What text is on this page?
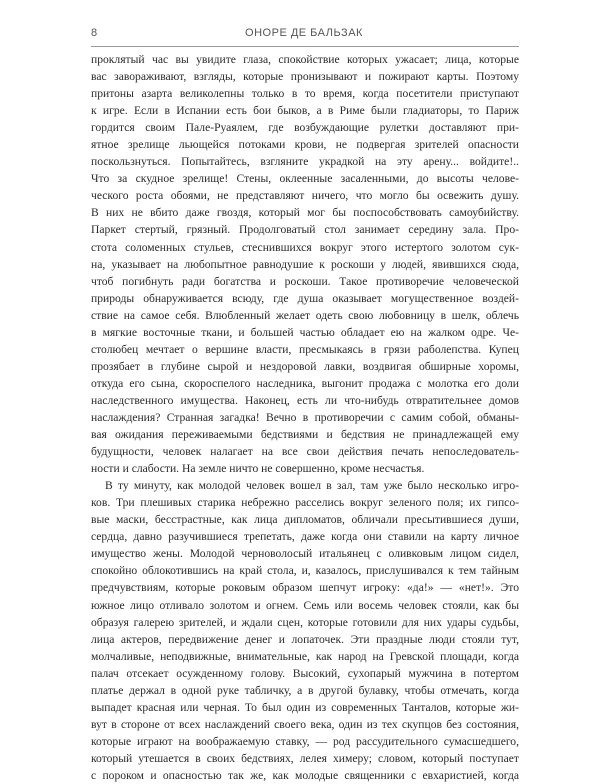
8	ОНОРЕ ДЕ БАЛЬЗАК
проклятый час вы увидите глаза, спокойствие которых ужасает; лица, которые
вас завораживают, взгляды, которые пронизывают и пожирают карты. Поэтому
притоны азарта великолепны только в то время, когда посетители приступают
к игре. Если в Испании есть бои быков, а в Риме были гладиаторы, то Париж
гордится своим Пале-Руаялем, где возбуждающие рулетки доставляют при-
ятное зрелище льющейся потоками крови, не подвергая зрителей опасности
поскользнуться. Попытайтесь, взгляните украдкой на эту арену... войдите!..
Что за скудное зрелище! Стены, оклеенные засаленными, до высоты челове-
ческого роста обоями, не представляют ничего, что могло бы освежить душу.
В них не вбито даже гвоздя, который мог бы поспособствовать самоубийству.
Паркет стертый, грязный. Продолговатый стол занимает середину зала. Про-
стота соломенных стульев, стеснившихся вокруг этого истертого золотом сук-
на, указывает на любопытное равнодушие к роскоши у людей, явившихся сюда,
чтоб погибнуть ради богатства и роскоши. Такое противоречие человеческой
природы обнаруживается всюду, где душа оказывает могущественное воздей-
ствие на самое себя. Влюбленный желает одеть свою любовницу в шелк, облечь
в мягкие восточные ткани, и большей частью обладает ею на жалком одре. Че-
столюбец мечтает о вершине власти, пресмыкаясь в грязи раболепства. Купец
прозябает в глубине сырой и нездоровой лавки, воздвигая обширные хоромы,
откуда его сына, скороспелого наследника, выгонит продажа с молотка его доли
наследственного имущества. Наконец, есть ли что-нибудь отвратительнее домов
наслаждения? Странная загадка! Вечно в противоречии с самим собой, обманы-
вая ожидания переживаемыми бедствиями и бедствия не принадлежащей ему
будущности, человек налагает на все свои действия печать непоследователь-
ности и слабости. На земле ничто не совершенно, кроме несчастья.
В ту минуту, как молодой человек вошел в зал, там уже было несколько игро-
ков. Три плешивых старика небрежно расселись вокруг зеленого поля; их гипсо-
вые маски, бесстрастные, как лица дипломатов, обличали пресытившиеся души,
сердца, давно разучившиеся трепетать, даже когда они ставили на карту личное
имущество жены. Молодой черноволосый итальянец с оливковым лицом сидел,
спокойно облокотившись на край стола, и, казалось, прислушивался к тем тайным
предчувствиям, которые роковым образом шепчут игроку: «да!» — «нет!». Это
южное лицо отливало золотом и огнем. Семь или восемь человек стояли, как бы
образуя галерею зрителей, и ждали сцен, которые готовили для них удары судьбы,
лица актеров, передвижение денег и лопаточек. Эти праздные люди стояли тут,
молчаливые, неподвижные, внимательные, как народ на Гревской площади, когда
палач отсекает осужденному голову. Высокий, сухопарый мужчина в потертом
платье держал в одной руке табличку, а в другой булавку, чтобы отмечать, когда
выпадет красная или черная. То был один из современных Танталов, которые жи-
вут в стороне от всех наслаждений своего века, один из тех скупцов без состояния,
которые играют на воображаемую ставку, — род рассудительного сумасшедшего,
который утешается в своих бедствиях, лелея химеру; словом, который поступает
с пороком и опасностью так же, как молодые священники с евхаристией, когда
